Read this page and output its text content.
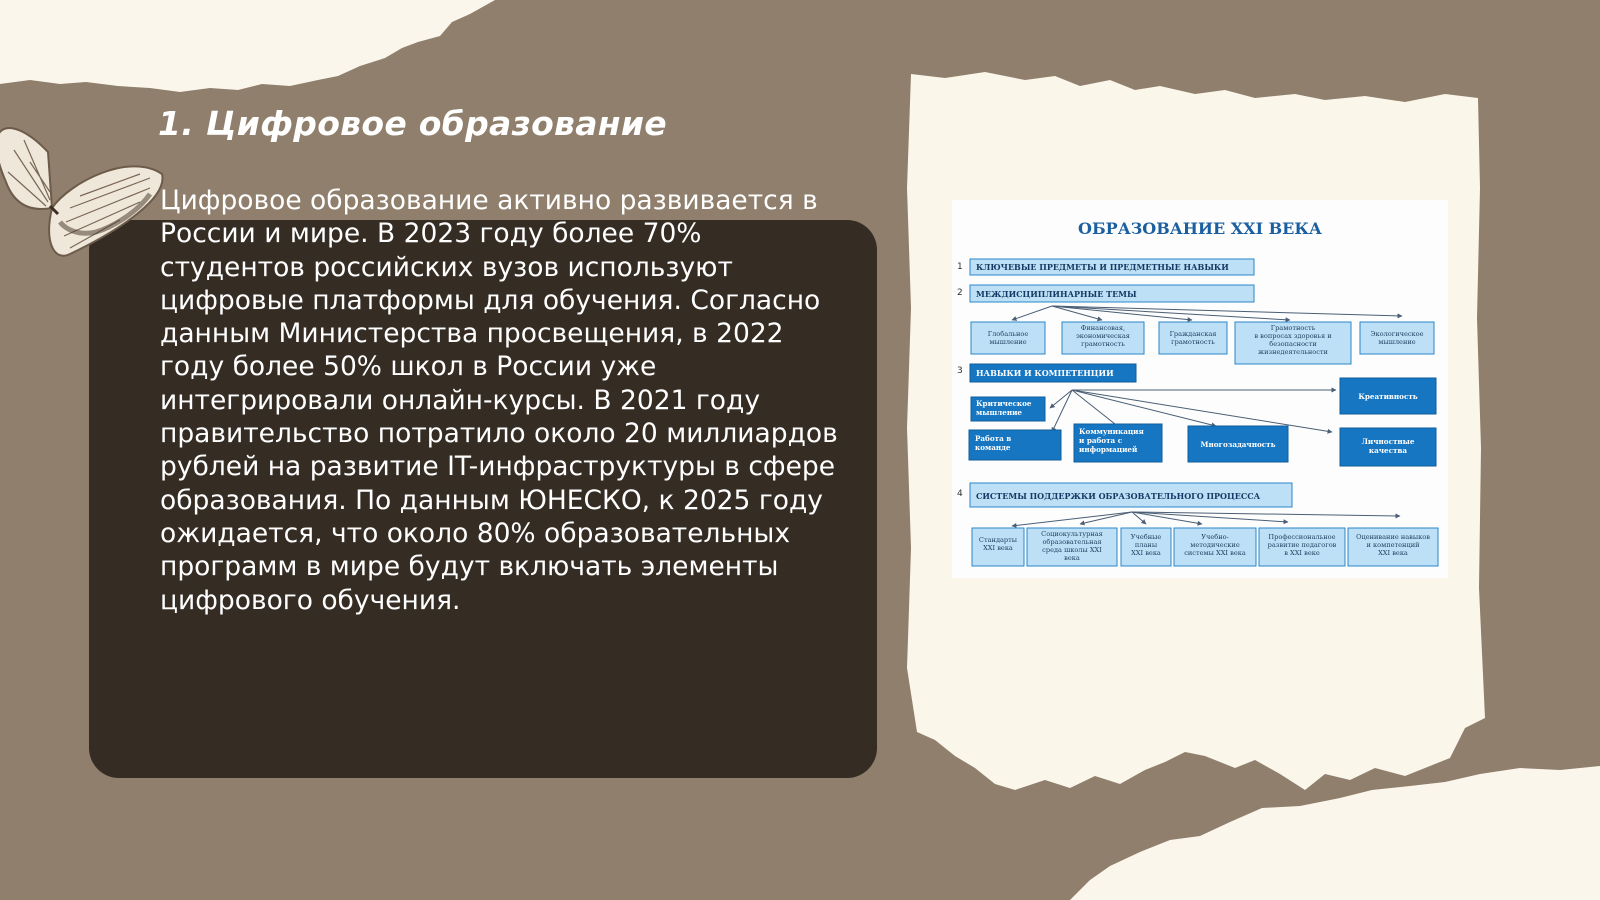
1. Цифровое образование

Цифровое образование активно развивается в России и мире. В 2023 году более 70% студентов российских вузов используют цифровые платформы для обучения. Согласно данным Министерства просвещения, в 2022 году более 50% школ в России уже интегрировали онлайн-курсы. В 2021 году правительство потратило около 20 миллиардов рублей на развитие IT-инфраструктуры в сфере образования. По данным ЮНЕСКО, к 2025 году ожидается, что около 80% образовательных программ в мире будут включать элементы цифрового обучения.

ОБРАЗОВАНИЕ XXI ВЕКА
1 КЛЮЧЕВЫЕ ПРЕДМЕТЫ И ПРЕДМЕТНЫЕ НАВЫКИ
2 МЕЖДИСЦИПЛИНАРНЫЕ ТЕМЫ
Глобальное мышление
Финансовая, экономическая грамотность
Гражданская грамотность
Грамотность в вопросах здоровья и безопасности жизнедеятельности
Экологическое мышление
3 НАВЫКИ И КОМПЕТЕНЦИИ
Критическое мышление
Креативность
Работа в команде
Коммуникация и работа с информацией
Многозадачность	Личностные качества
4 СИСТЕМЫ ПОДДЕРЖКИ ОБРАЗОВАТЕЛЬНОГО ПРОЦЕССА
Стандарты XXI века
Социокультурная образовательная среда школы XXI века
Учебные планы XXI века
Учебно-методические системы XXI века
Профессиональное развитие педагогов в XXI веке
Оценивание навыков и компетенций XXI века
